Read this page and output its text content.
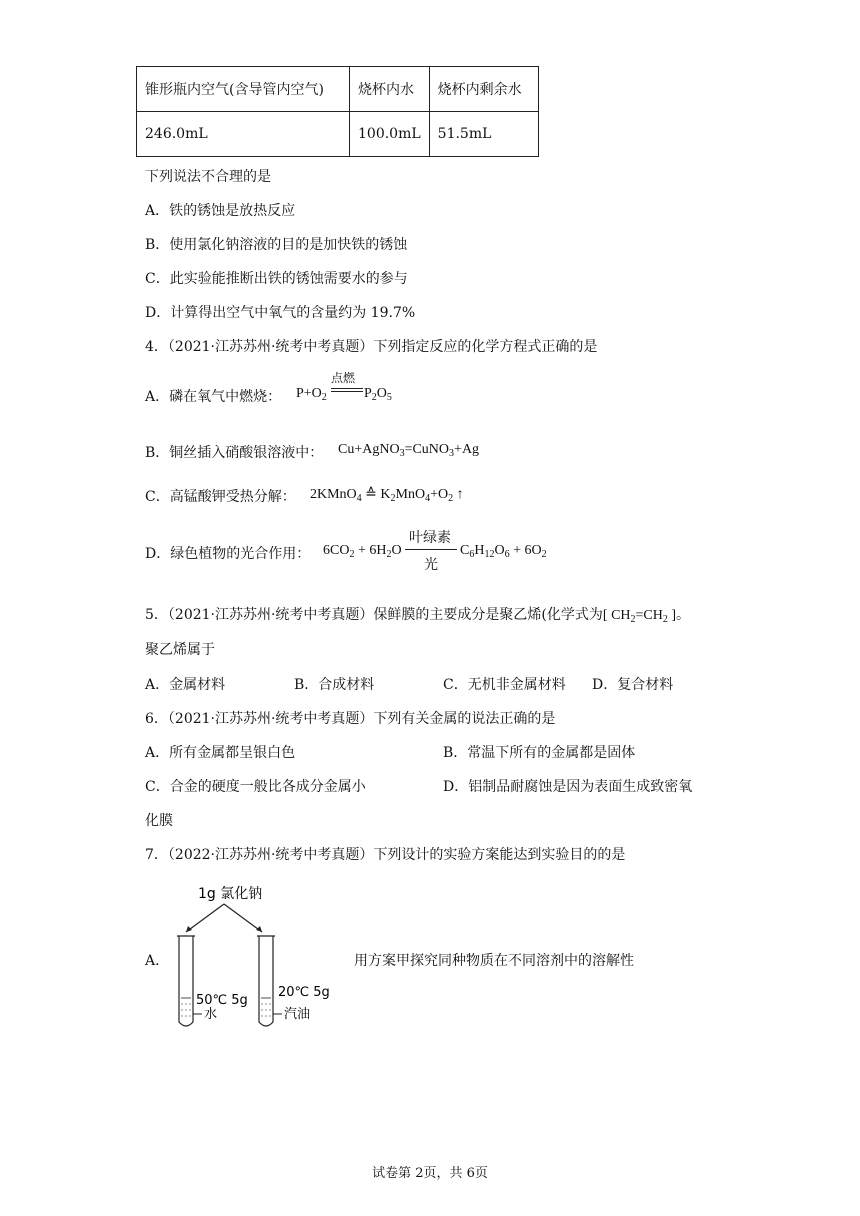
锥形瓶内空气(含导管内空气)	烧杯内水	烧杯内剩余水
246.0mL	100.0mL	51.5mL
下列说法不合理的是
A．铁的锈蚀是放热反应
B．使用氯化钠溶液的目的是加快铁的锈蚀
C．此实验能推断出铁的锈蚀需要水的参与
D．计算得出空气中氧气的含量约为 19.7%
4．（2021·江苏苏州·统考中考真题）下列指定反应的化学方程式正确的是
A．磷在氧气中燃烧： $P+O_2$
点燃
$P_2O_5$
B．铜丝插入硝酸银溶液中： Cu+AgNO$_3$=CuNO$_3$+Ag
C．高锰酸钾受热分解： 2KMnO$_4$ ≙ $K_2MnO_4+O_2$ ↑
D．绿色植物的光合作用： $6CO_2 + 6H_2O$
叶绿素
光
$C_6H_{12}O_6 + 6O_2$
5．（2021·江苏苏州·统考中考真题）保鲜膜的主要成分是聚乙烯(化学式为[ $CH_2=CH_2$ ]。
聚乙烯属于
A．金属材料	B．合成材料	C．无机非金属材料 D．复合材料
6．（2021·江苏苏州·统考中考真题）下列有关金属的说法正确的是
A．所有金属都呈银白色	B．常温下所有的金属都是固体
C．合金的硬度一般比各成分金属小	D．铝制品耐腐蚀是因为表面生成致密氧
化膜
7．（2022·江苏苏州·统考中考真题）下列设计的实验方案能达到实验目的的是
A．	用方案甲探究同种物质在不同溶剂中的溶解性
1g 氯化钠
50℃ 5g
水
20℃ 5g
汽油
试卷第 2页，共 6页
